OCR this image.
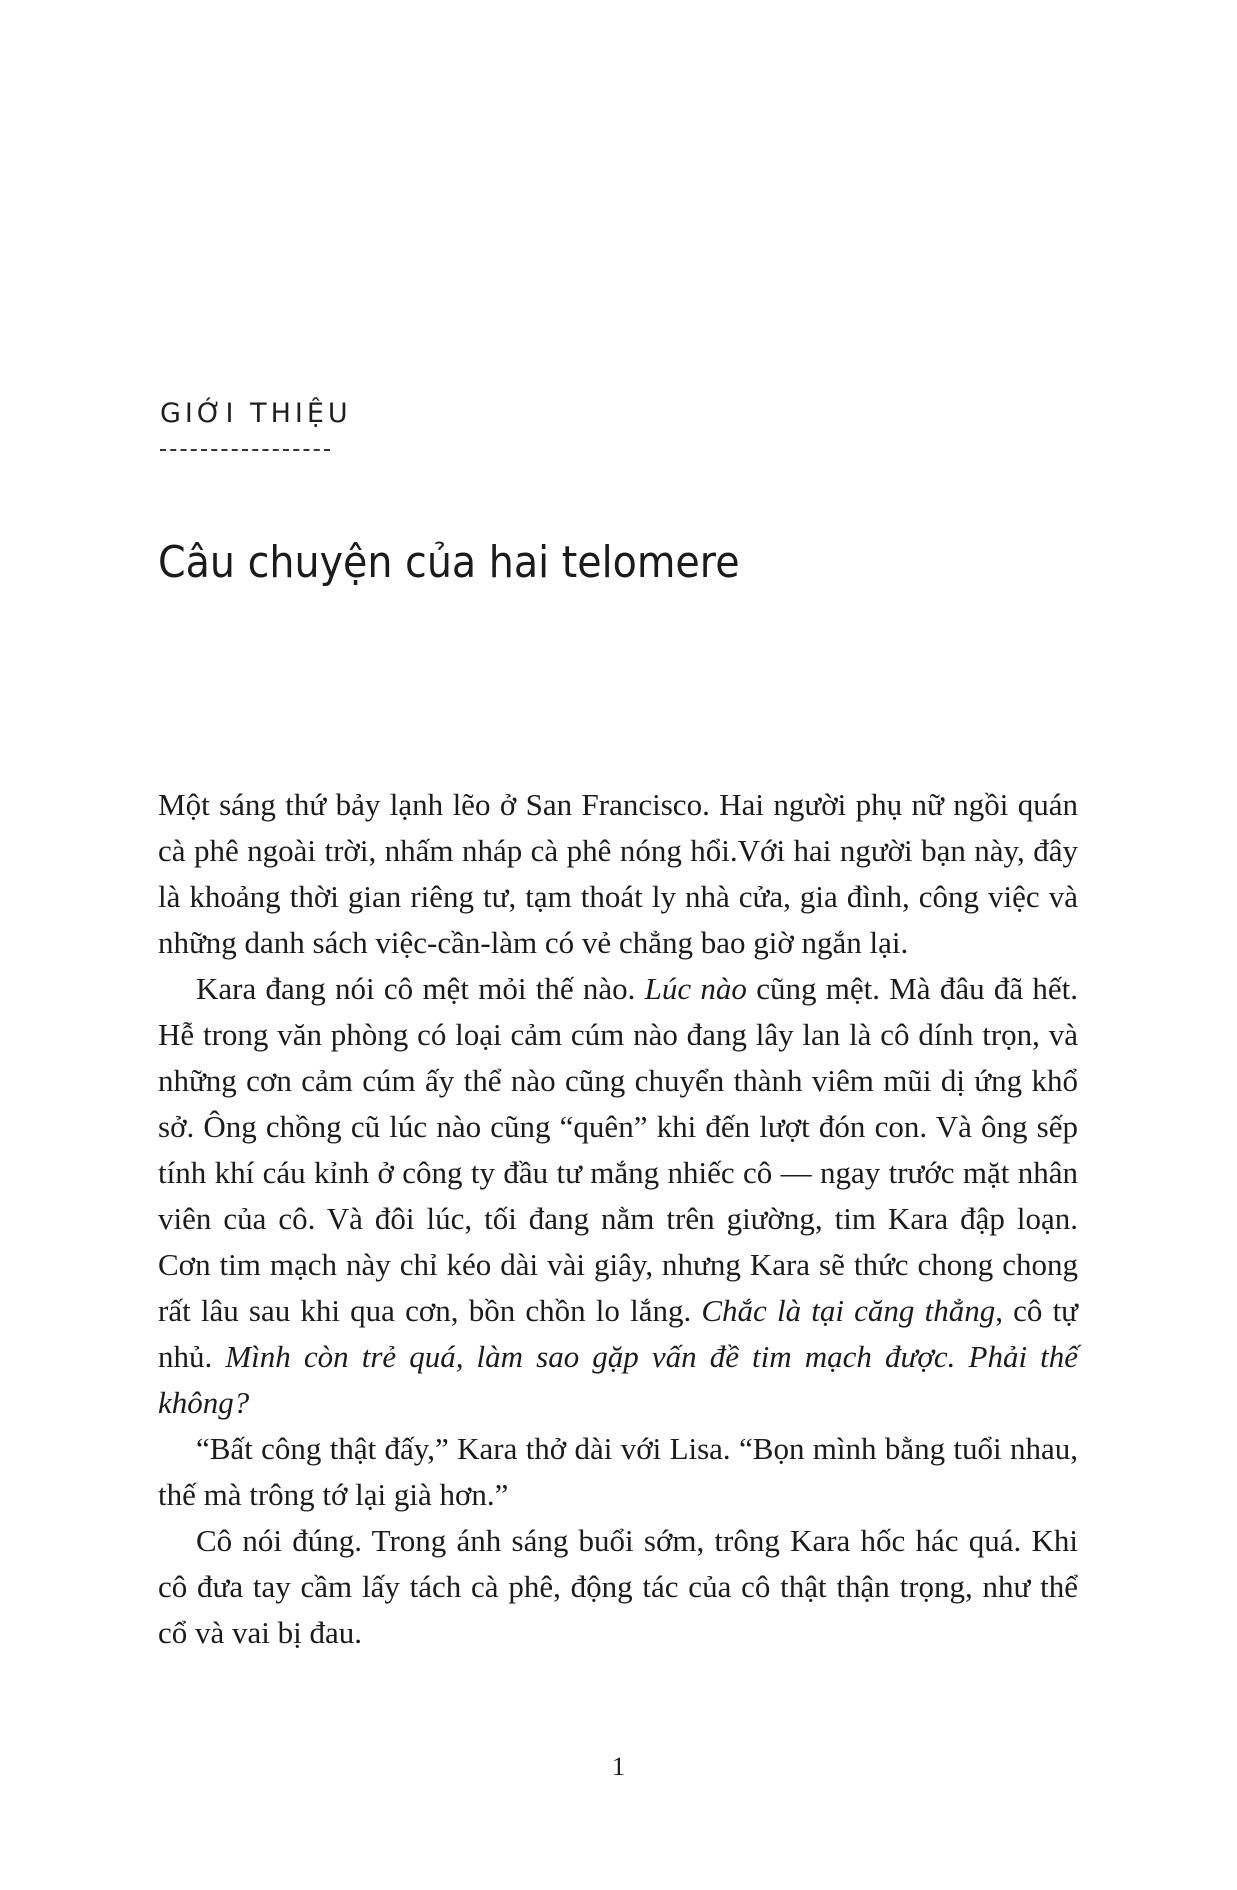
GIỚI THIỆU
Câu chuyện của hai telomere

Một sáng thứ bảy lạnh lẽo ở San Francisco. Hai người phụ nữ ngồi quán cà phê ngoài trời, nhấm nháp cà phê nóng hổi.Với hai người bạn này, đây là khoảng thời gian riêng tư, tạm thoát ly nhà cửa, gia đình, công việc và những danh sách việc-cần-làm có vẻ chẳng bao giờ ngắn lại.

Kara đang nói cô mệt mỏi thế nào. Lúc nào cũng mệt. Mà đâu đã hết. Hễ trong văn phòng có loại cảm cúm nào đang lây lan là cô dính trọn, và những cơn cảm cúm ấy thể nào cũng chuyển thành viêm mũi dị ứng khổ sở. Ông chồng cũ lúc nào cũng “quên” khi đến lượt đón con. Và ông sếp tính khí cáu kỉnh ở công ty đầu tư mắng nhiếc cô — ngay trước mặt nhân viên của cô. Và đôi lúc, tối đang nằm trên giường, tim Kara đập loạn. Cơn tim mạch này chỉ kéo dài vài giây, nhưng Kara sẽ thức chong chong rất lâu sau khi qua cơn, bồn chồn lo lắng. Chắc là tại căng thẳng, cô tự nhủ. Mình còn trẻ quá, làm sao gặp vấn đề tim mạch được. Phải thế không?

“Bất công thật đấy,” Kara thở dài với Lisa. “Bọn mình bằng tuổi nhau, thế mà trông tớ lại già hơn.”

Cô nói đúng. Trong ánh sáng buổi sớm, trông Kara hốc hác quá. Khi cô đưa tay cầm lấy tách cà phê, động tác của cô thật thận trọng, như thể cổ và vai bị đau.

1
